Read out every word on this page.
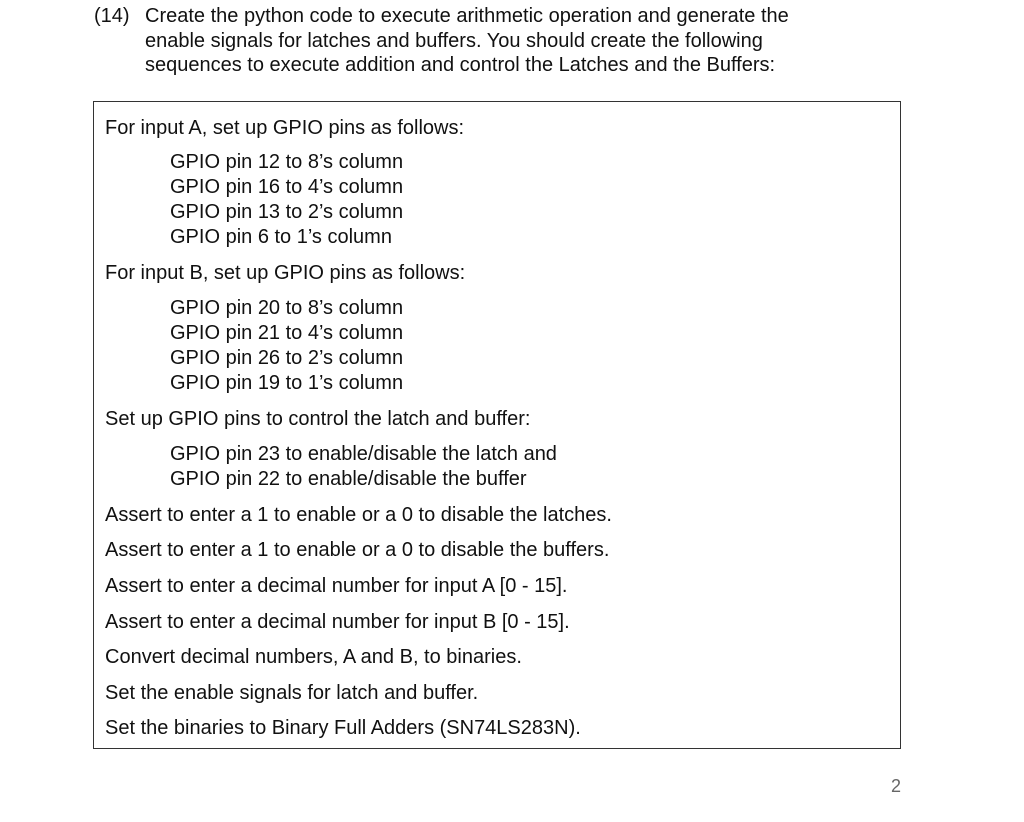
(14) Create the python code to execute arithmetic operation and generate the
enable signals for latches and buffers. You should create the following
sequences to execute addition and control the Latches and the Buffers:
For input A, set up GPIO pins as follows:
GPIO pin 12 to 8’s column
GPIO pin 16 to 4’s column
GPIO pin 13 to 2’s column
GPIO pin 6 to 1’s column
For input B, set up GPIO pins as follows:
GPIO pin 20 to 8’s column
GPIO pin 21 to 4’s column
GPIO pin 26 to 2’s column
GPIO pin 19 to 1’s column
Set up GPIO pins to control the latch and buffer:
GPIO pin 23 to enable/disable the latch and
GPIO pin 22 to enable/disable the buffer
Assert to enter a 1 to enable or a 0 to disable the latches.
Assert to enter a 1 to enable or a 0 to disable the buffers.
Assert to enter a decimal number for input A [0 - 15].
Assert to enter a decimal number for input B [0 - 15].
Convert decimal numbers, A and B, to binaries.
Set the enable signals for latch and buffer.
Set the binaries to Binary Full Adders (SN74LS283N).
2
